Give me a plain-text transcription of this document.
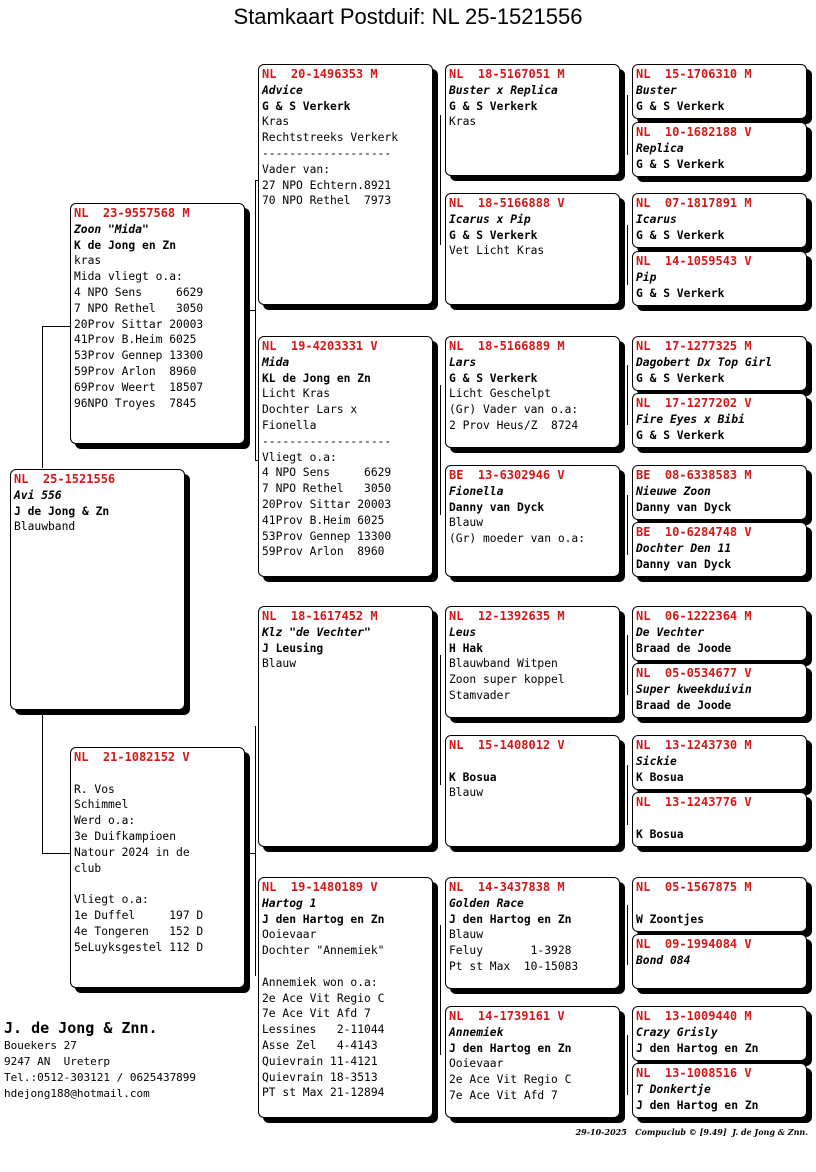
Stamkaart Postduif: NL 25-1521556
NL  25-1521556
Avi 556
J de Jong & Zn
Blauwband
NL  23-9557568 M
Zoon "Mida"
K de Jong en Zn
kras
Mida vliegt o.a:
4 NPO Sens     6629
7 NPO Rethel   3050
20Prov Sittar 20003
41Prov B.Heim 6025
53Prov Gennep 13300
59Prov Arlon  8960
69Prov Weert  18507
96NPO Troyes  7845
NL  21-1082152 V
R. Vos
Schimmel
Werd o.a:
3e Duifkampioen
Natour 2024 in de
club
Vliegt o.a:
1e Duffel     197 D
4e Tongeren   152 D
5eLuyksgestel 112 D
NL  20-1496353 M
Advice
G & S Verkerk
Kras
Rechtstreeks Verkerk
-------------------
Vader van:
27 NPO Echtern.8921
70 NPO Rethel  7973
NL  19-4203331 V
Mida
KL de Jong en Zn
Licht Kras
Dochter Lars x
Fionella
-------------------
Vliegt o.a:
4 NPO Sens     6629
7 NPO Rethel   3050
20Prov Sittar 20003
41Prov B.Heim 6025
53Prov Gennep 13300
59Prov Arlon  8960
NL  18-1617452 M
Klz "de Vechter"
J Leusing
Blauw
NL  19-1480189 V
Hartog 1
J den Hartog en Zn
Ooievaar
Dochter "Annemiek"
Annemiek won o.a:
2e Ace Vit Regio C
7e Ace Vit Afd 7
Lessines   2-11044
Asse Zel   4-4143
Quievrain 11-4121
Quievrain 18-3513
PT st Max 21-12894
NL  18-5167051 M
Buster x Replica
G & S Verkerk
Kras
NL  18-5166888 V
Icarus x Pip
G & S Verkerk
Vet Licht Kras
NL  18-5166889 M
Lars
G & S Verkerk
Licht Geschelpt
(Gr) Vader van o.a:
2 Prov Heus/Z  8724
BE  13-6302946 V
Fionella
Danny van Dyck
Blauw
(Gr) moeder van o.a:
NL  12-1392635 M
Leus
H Hak
Blauwband Witpen
Zoon super koppel
Stamvader
NL  15-1408012 V
K Bosua
Blauw
NL  14-3437838 M
Golden Race
J den Hartog en Zn
Blauw
Feluy       1-3928
Pt st Max  10-15083
NL  14-1739161 V
Annemiek
J den Hartog en Zn
Ooievaar
2e Ace Vit Regio C
7e Ace Vit Afd 7
NL  15-1706310 M
Buster
G & S Verkerk
NL  10-1682188 V
Replica
G & S Verkerk
NL  07-1817891 M
Icarus
G & S Verkerk
NL  14-1059543 V
Pip
G & S Verkerk
NL  17-1277325 M
Dagobert Dx Top Girl
G & S Verkerk
NL  17-1277202 V
Fire Eyes x Bibi
G & S Verkerk
BE  08-6338583 M
Nieuwe Zoon
Danny van Dyck
BE  10-6284748 V
Dochter Den 11
Danny van Dyck
NL  06-1222364 M
De Vechter
Braad de Joode
NL  05-0534677 V
Super kweekduivin
Braad de Joode
NL  13-1243730 M
Sickie
K Bosua
NL  13-1243776 V
K Bosua
NL  05-1567875 M
W Zoontjes
NL  09-1994084 V
Bond 084
NL  13-1009440 M
Crazy Grisly
J den Hartog en Zn
NL  13-1008516 V
T Donkertje
J den Hartog en Zn
J. de Jong & Znn.
Bouekers 27
9247 AN  Ureterp
Tel.:0512-303121 / 0625437899
hdejong188@hotmail.com
29-10-2025   Compuclub © [9.49]  J. de Jong & Znn.
